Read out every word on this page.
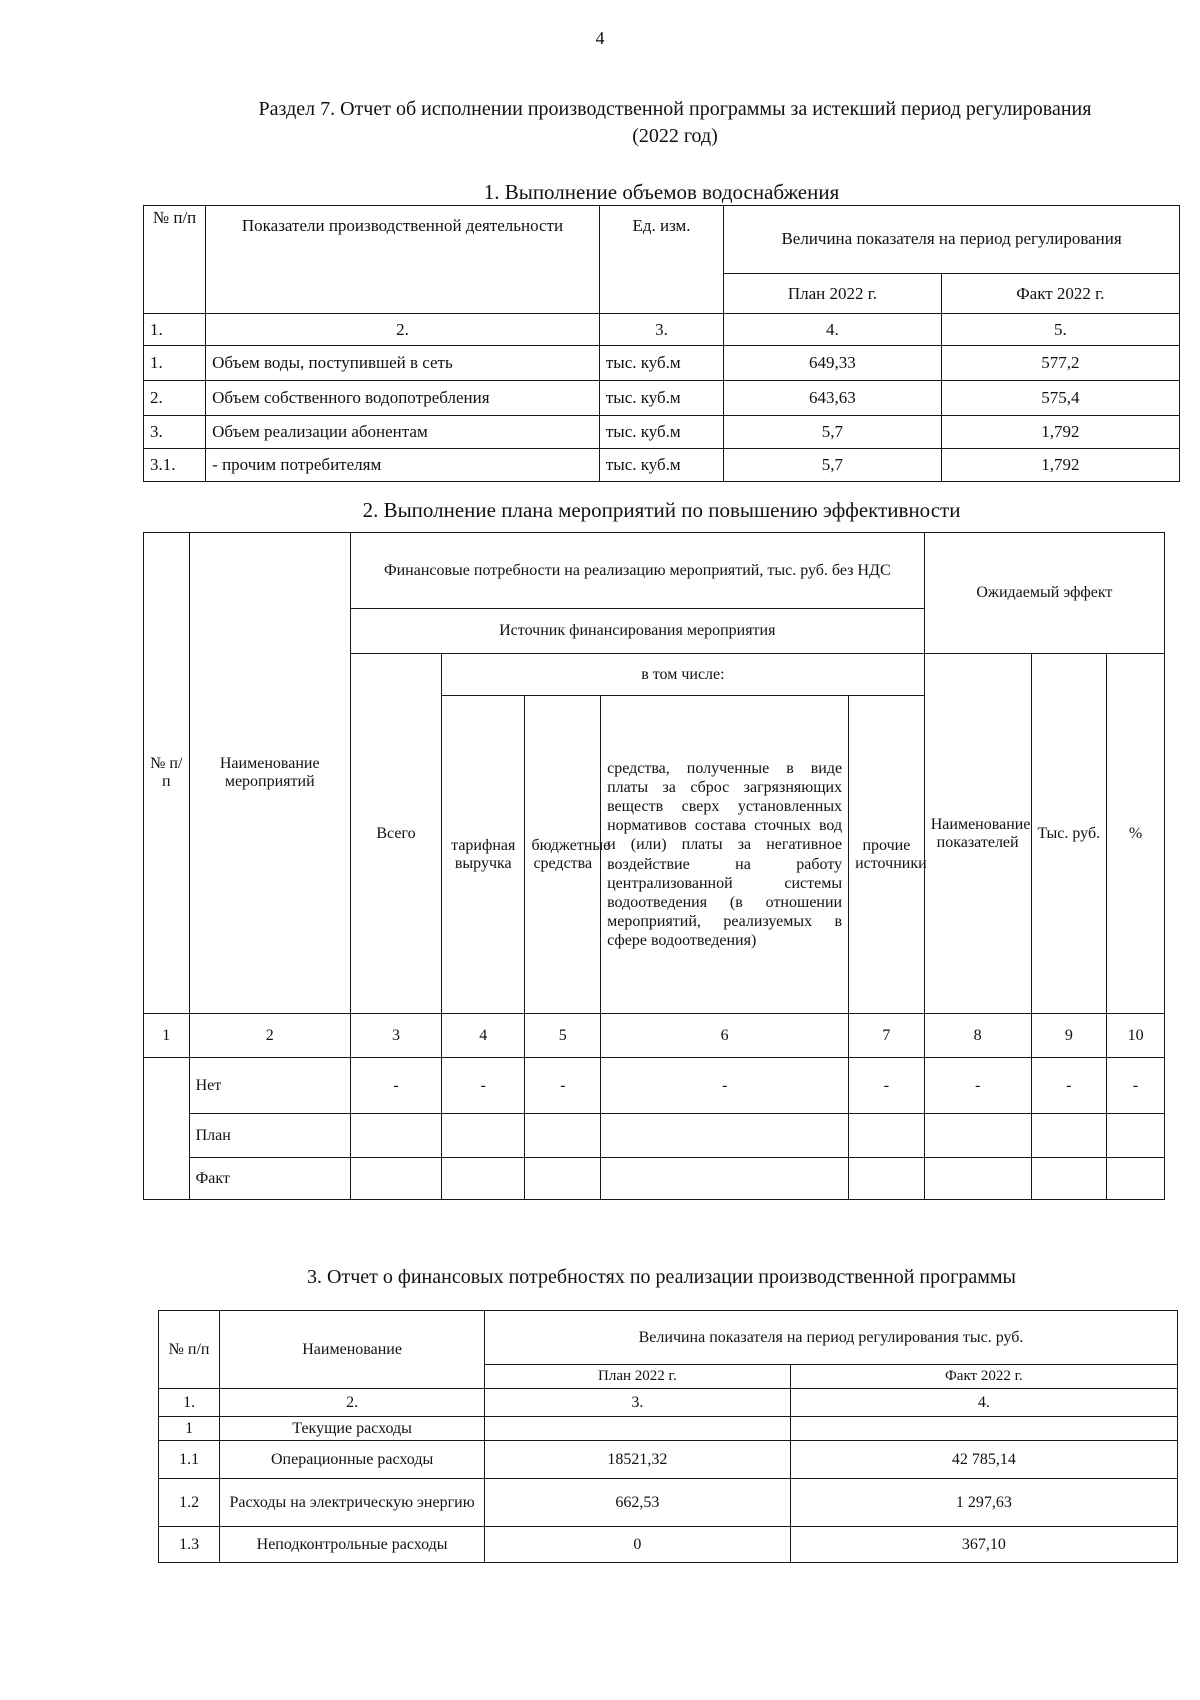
4
Раздел 7. Отчет об исполнении производственной программы за истекший период регулирования
(2022 год)
1. Выполнение объемов водоснабжения
№ п/п	Показатели производственной деятельности	Ед. изм.	Величина показателя на период регулирования	
			План 2022 г.	Факт 2022 г.
1.	2.	3.	4.	5.
1.	Объем воды, поступившей в сеть	тыс. куб.м	649,33	577,2
2.	Объем собственного водопотребления	тыс. куб.м	643,63	575,4
3.	Объем реализации абонентам	тыс. куб.м	5,7	1,792
3.1.	- прочим потребителям	тыс. куб.м	5,7	1,792
2. Выполнение плана мероприятий по повышению эффективности
№ п/п	Наименование мероприятий	Финансовые потребности на реализацию мероприятий, тыс. руб. без НДС					Ожидаемый эффект		
		Источник финансирования мероприятия							
		Всего	в том числе:				Наименование показателей	Тыс. руб.	%
			тарифная выручка	бюджетные средства	средства, полученные в виде платы за сброс загрязняющих веществ сверх установленных нормативов состава сточных вод и (или) платы за негативное воздействие на работу централизованной системы водоотведения (в отношении мероприятий, реализуемых в сфере водоотведения)	прочие источники			
1	2	3	4	5	6	7	8	9	10
	Нет	-	-	-	-	-	-	-	-
	План								
	Факт								
3. Отчет о финансовых потребностях по реализации производственной программы
№ п/п	Наименование	Величина показателя на период регулирования тыс. руб.	
		План 2022 г.	Факт 2022 г.
1.	2.	3.	4.
1	Текущие расходы		
1.1	Операционные расходы	18521,32	42 785,14
1.2	Расходы на электрическую энергию	662,53	1 297,63
1.3	Неподконтрольные расходы	0	367,10
